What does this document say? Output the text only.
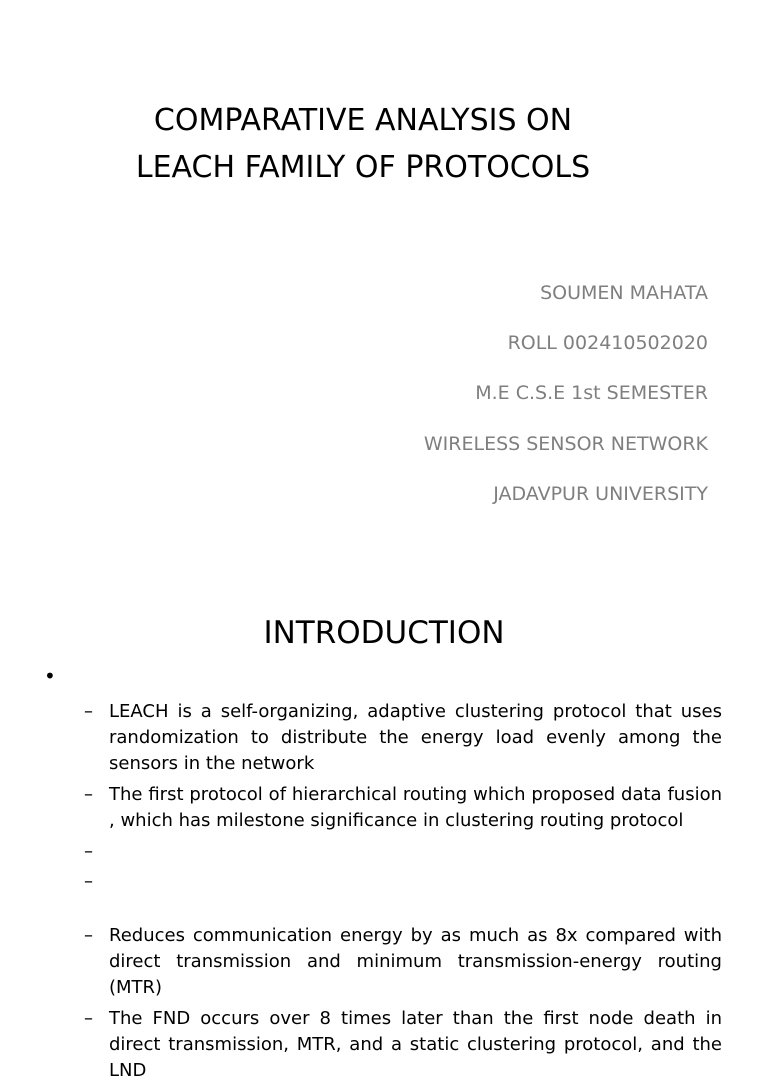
COMPARATIVE ANALYSIS ON
LEACH FAMILY OF PROTOCOLS
SOUMEN MAHATA
ROLL 002410502020
M.E C.S.E 1st SEMESTER
WIRELESS SENSOR NETWORK
JADAVPUR UNIVERSITY
INTRODUCTION
•
– LEACH is a self-organizing, adaptive clustering protocol that uses randomization to distribute the energy load evenly among the sensors in the network
– The first protocol of hierarchical routing which proposed data fusion , which has milestone significance in clustering routing protocol
–
–
– Reduces communication energy by as much as 8x compared with direct transmission and minimum transmission-energy routing (MTR)
– The FND occurs over 8 times later than the first node death in direct transmission, MTR, and a static clustering protocol, and the LND
